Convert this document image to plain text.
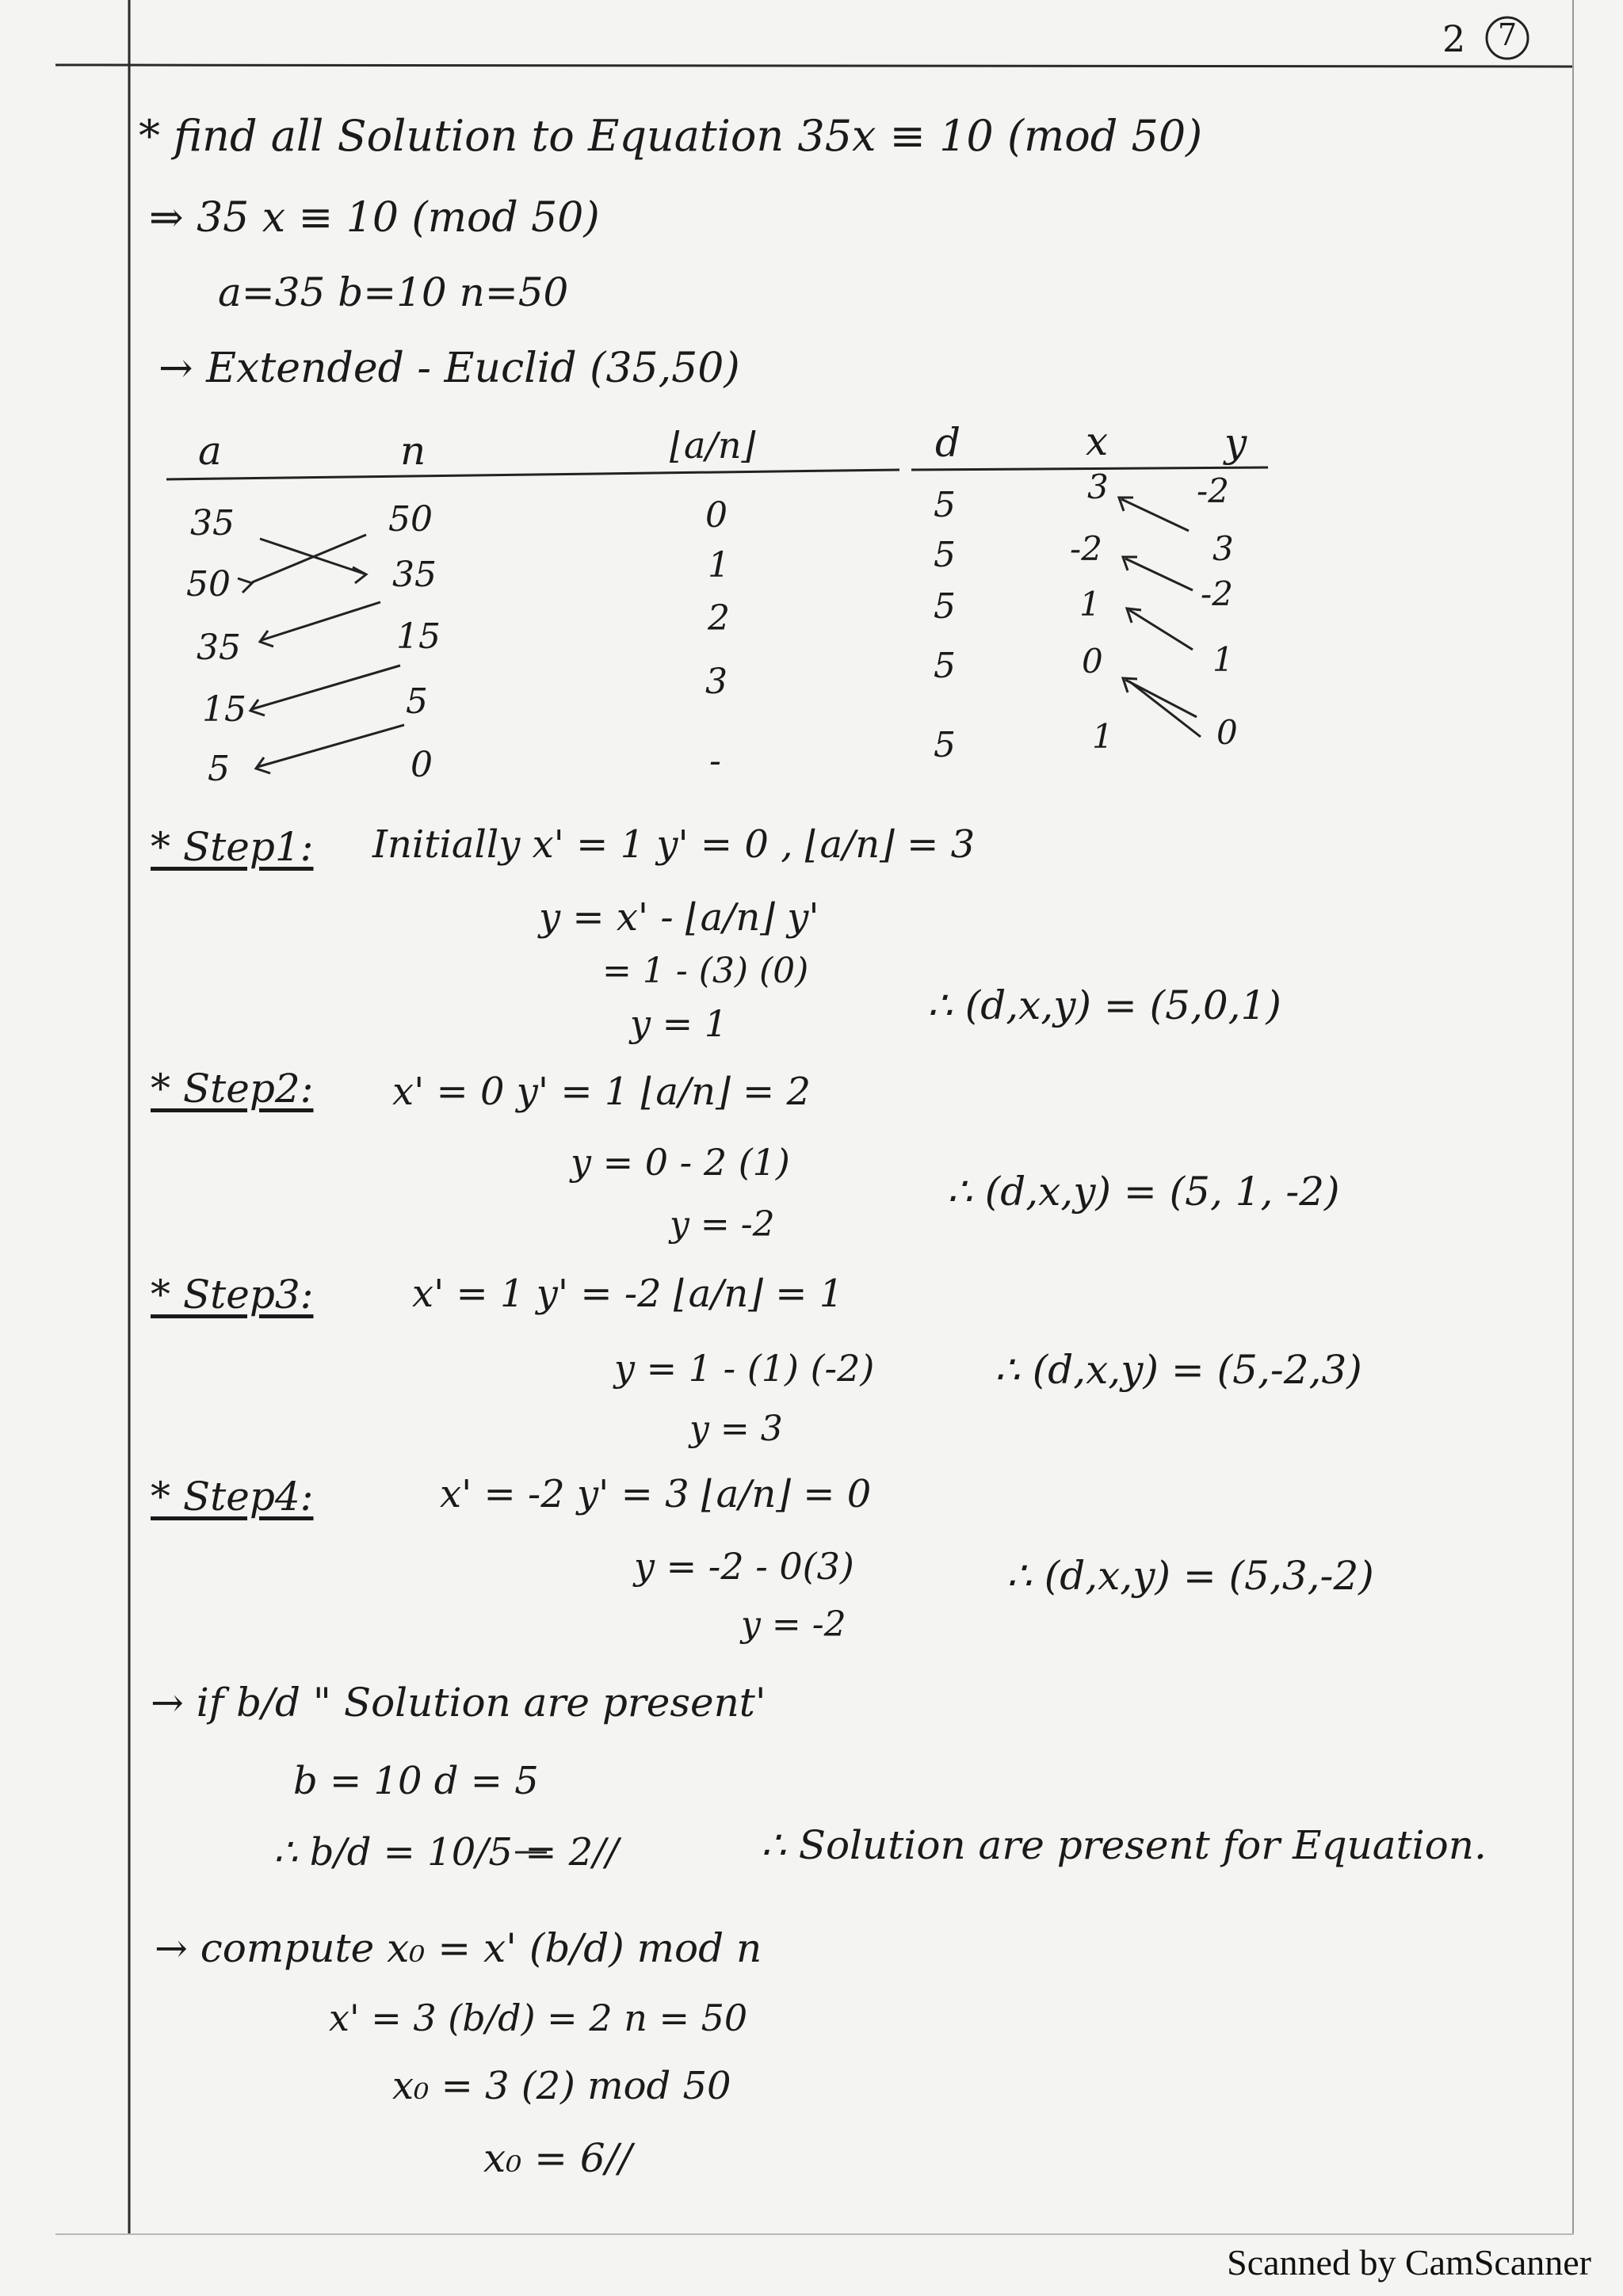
2 7
* find all Solution to Equation 35x ≡ 10 (mod 50)
⇒ 35 x ≡ 10 (mod 50)
a=35 b=10 n=50
→ Extended - Euclid (35,50)
a	n	⌊a/n⌋	d	x	y
35	50	0	5	3	-2
50	35	1	5	-2	3
35	15	2	5	1	-2
15	5	3	5	0	1
5	0	-	5	1	0
* Step1: Initially x' = 1 y' = 0 , ⌊a/n⌋ = 3
y = x' - ⌊a/n⌋ y'
= 1 - (3) (0)
y = 1	∴ (d,x,y) = (5,0,1)
* Step2: x' = 0 y' = 1 ⌊a/n⌋ = 2
y = 0 - 2 (1)
y = -2
∴ (d,x,y) = (5, 1, -2)
* Step3:	x' = 1 y' = -2 ⌊a/n⌋ = 1
y = 1 - (1) (-2)
y = 3
∴ (d,x,y) = (5,-2,3)
* Step4:	x' = -2 y' = 3 ⌊a/n⌋ = 0
y = -2 - 0(3)
y = -2
∴ (d,x,y) = (5,3,-2)
→ if b/d " Solution are present'
b = 10 d = 5
∴ b/d = 10/5 = 2//	∴ Solution are present for Equation.
→ compute x₀ = x' (b/d) mod n
x' = 3 (b/d) = 2 n = 50
x₀ = 3 (2) mod 50
x₀ = 6//
Scanned by CamScanner
